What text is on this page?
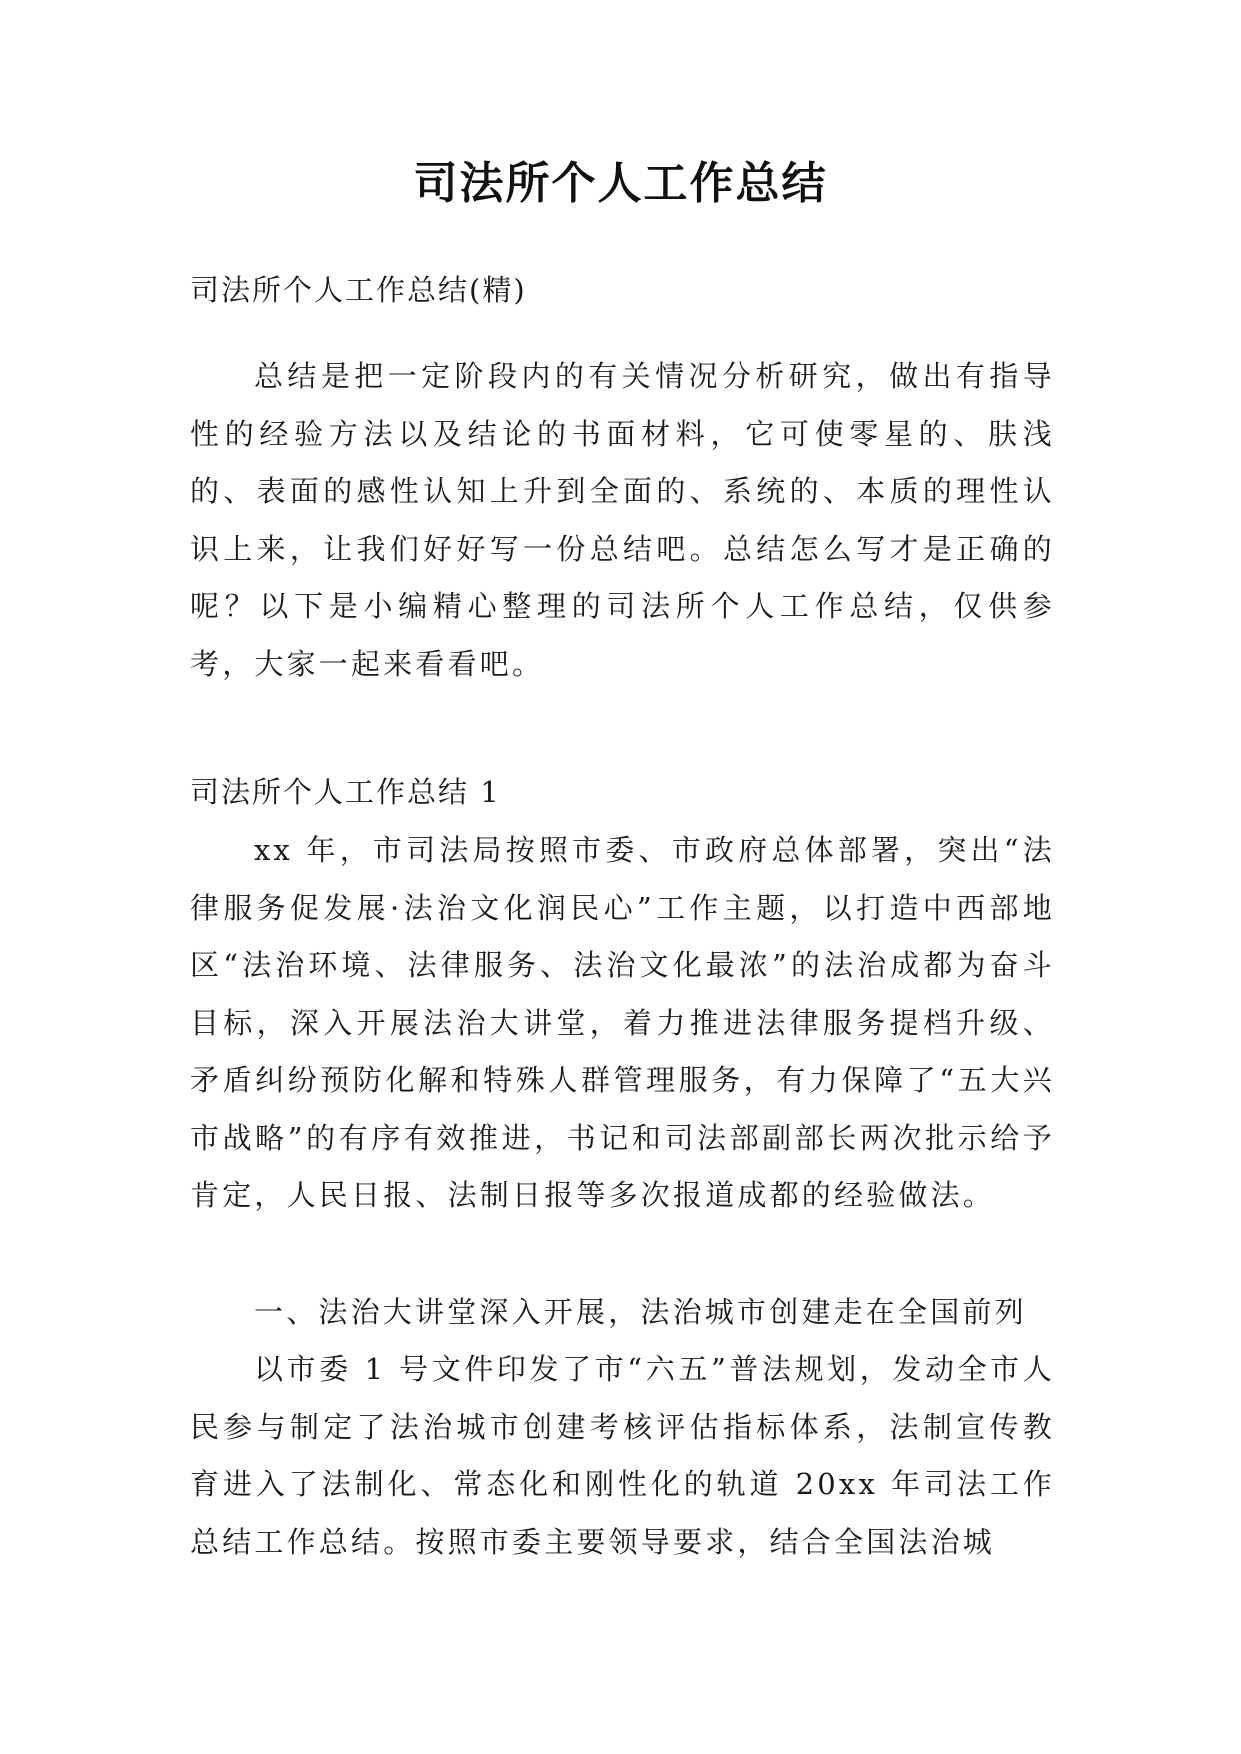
司法所个人工作总结
司法所个人工作总结(精)
总结是把一定阶段内的有关情况分析研究，做出有指导性的经验方法以及结论的书面材料，它可使零星的、肤浅的、表面的感性认知上升到全面的、系统的、本质的理性认识上来，让我们好好写一份总结吧。总结怎么写才是正确的呢？以下是小编精心整理的司法所个人工作总结，仅供参考，大家一起来看看吧。
司法所个人工作总结 1
xx 年，市司法局按照市委、市政府总体部署，突出“法律服务促发展·法治文化润民心”工作主题，以打造中西部地区“法治环境、法律服务、法治文化最浓”的法治成都为奋斗目标，深入开展法治大讲堂，着力推进法律服务提档升级、矛盾纠纷预防化解和特殊人群管理服务，有力保障了“五大兴市战略”的有序有效推进，书记和司法部副部长两次批示给予肯定，人民日报、法制日报等多次报道成都的经验做法。
一、法治大讲堂深入开展，法治城市创建走在全国前列
以市委 1 号文件印发了市“六五”普法规划，发动全市人民参与制定了法治城市创建考核评估指标体系，法制宣传教育进入了法制化、常态化和刚性化的轨道 20xx 年司法工作总结工作总结。按照市委主要领导要求，结合全国法治城
